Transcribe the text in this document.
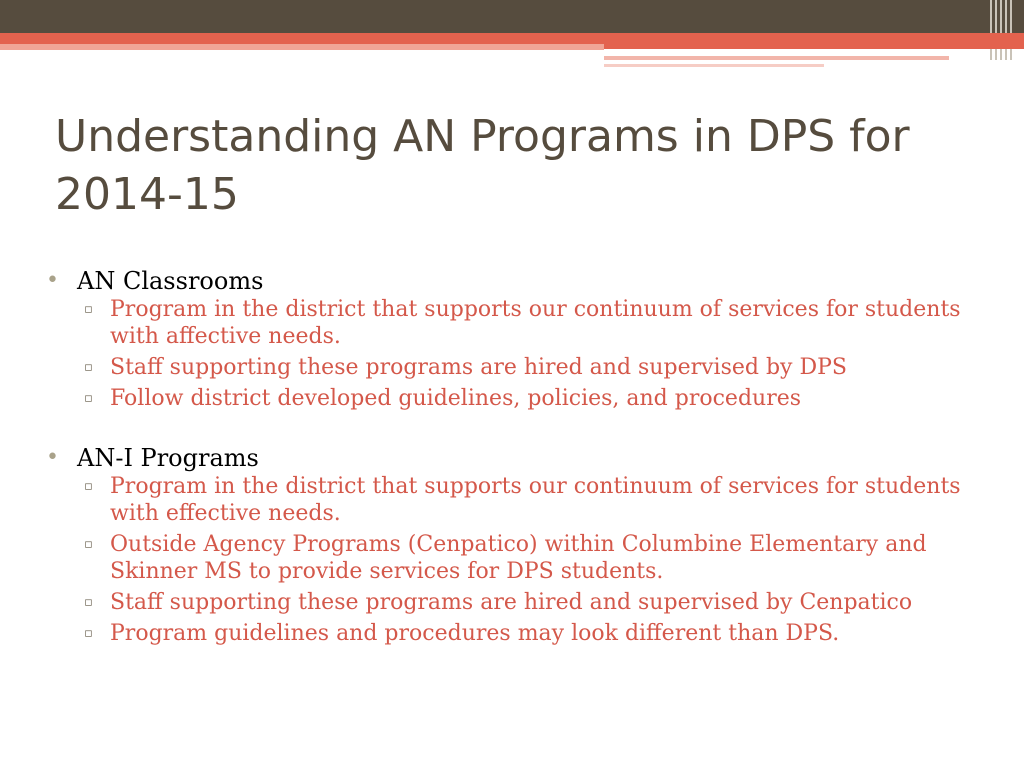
Understanding AN Programs in DPS for 2014-15
• AN Classrooms
▫ Program in the district that supports our continuum of services for students with affective needs.
▫ Staff supporting these programs are hired and supervised by DPS
▫ Follow district developed guidelines, policies, and procedures
• AN-I Programs
▫ Program in the district that supports our continuum of services for students with effective needs.
▫ Outside Agency Programs (Cenpatico) within Columbine Elementary and Skinner MS to provide services for DPS students.
▫ Staff supporting these programs are hired and supervised by Cenpatico
▫ Program guidelines and procedures may look different than DPS.
